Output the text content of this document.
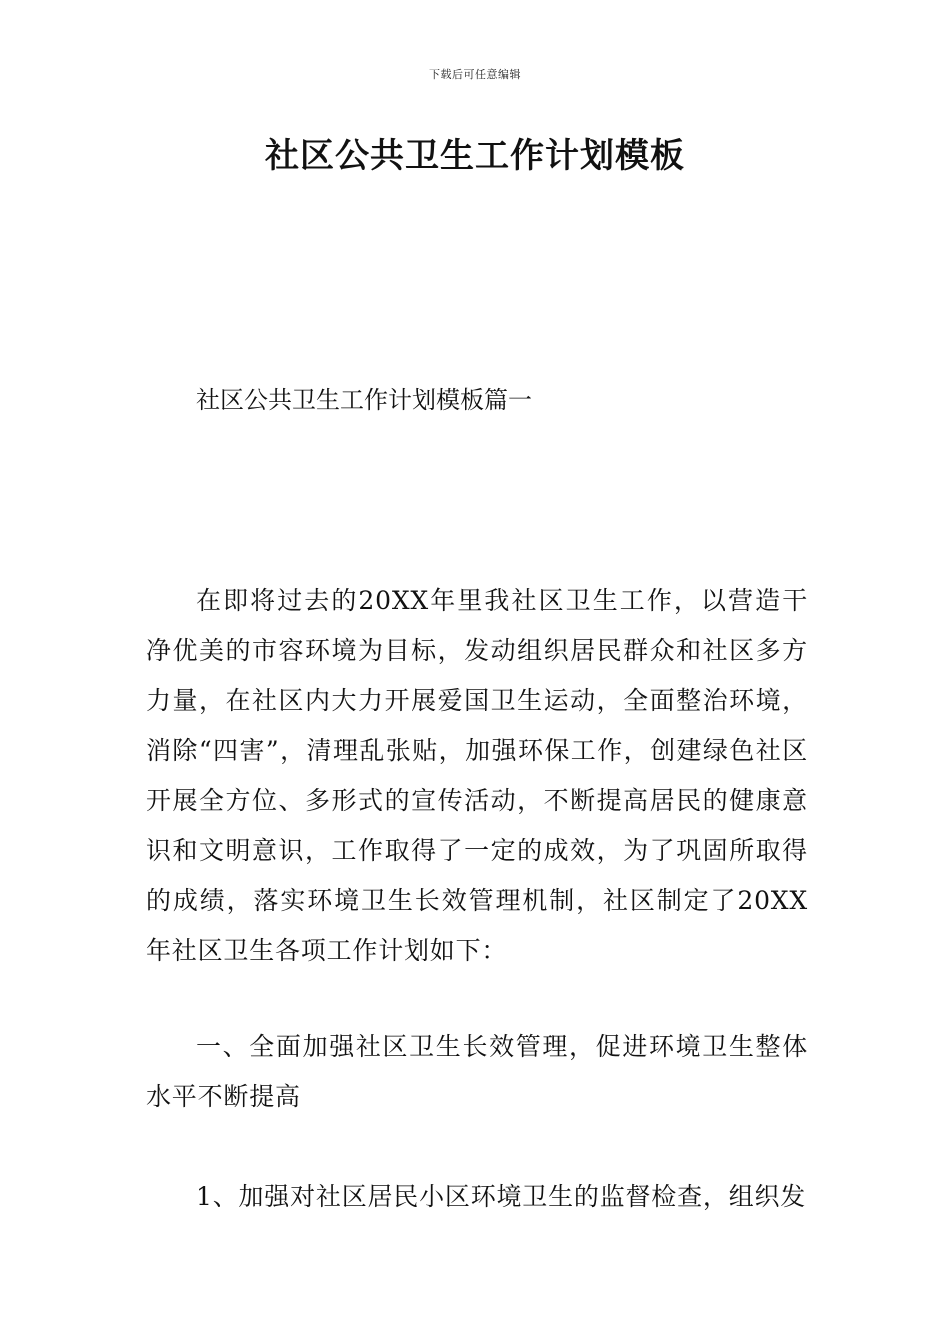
下载后可任意编辑
社区公共卫生工作计划模板
社区公共卫生工作计划模板篇一

在即将过去的20XX年里我社区卫生工作，以营造干净优美的市容环境为目标，发动组织居民群众和社区多方力量，在社区内大力开展爱国卫生运动，全面整治环境，消除“四害”，清理乱张贴，加强环保工作，创建绿色社区开展全方位、多形式的宣传活动，不断提高居民的健康意识和文明意识，工作取得了一定的成效，为了巩固所取得的成绩，落实环境卫生长效管理机制，社区制定了20XX年社区卫生各项工作计划如下：

一、全面加强社区卫生长效管理，促进环境卫生整体水平不断提高

1、加强对社区居民小区环境卫生的监督检查，组织发
